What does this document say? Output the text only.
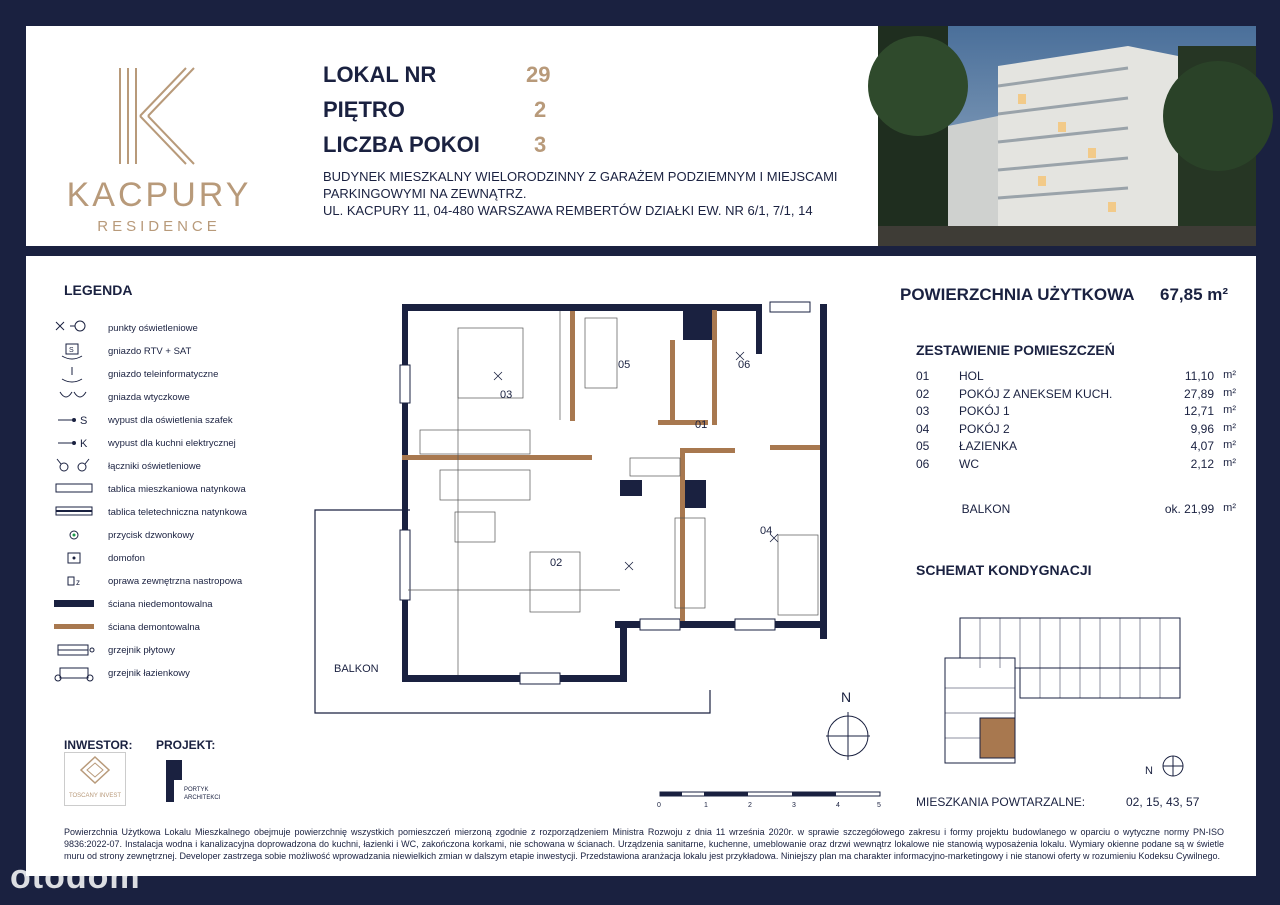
KACPURY
RESIDENCE
LOKAL NR	29
PIĘTRO	2
LICZBA POKOI 3
BUDYNEK MIESZKALNY WIELORODZINNY Z GARAŻEM PODZIEMNYM I MIEJSCAMI
PARKINGOWYMI NA ZEWNĄTRZ.
UL. KACPURY 11, 04-480 WARSZAWA REMBERTÓW DZIAŁKI EW. NR 6/1, 7/1, 14
LEGENDA
punkty oświetleniowe
S	gniazdo RTV + SAT
gniazdo teleinformatyczne
gniazda wtyczkowe
S wypust dla oświetlenia szafek
K wypust dla kuchni elektrycznej
łączniki oświetleniowe
tablica mieszkaniowa natynkowa
tablica teletechniczna natynkowa
przycisk dzwonkowy
domofon
z	oprawa zewnętrzna nastropowa
ściana niedemontowalna
ściana demontowalna
grzejnik płytowy
grzejnik łazienkowy
03
05	06
01
02
04
BALKON
N
0	1	2	3	4	5
POWIERZCHNIA UŻYTKOWA 67,85 m²
ZESTAWIENIE POMIESZCZEŃ
01	HOL	11,10 m²
02	POKÓJ Z ANEKSEM KUCH.	27,89 m²
03	POKÓJ 1	12,71 m²
04	POKÓJ 2	9,96 m²
05	ŁAZIENKA	4,07 m²
06	WC	2,12 m²
BALKON	ok. 21,99 m²
SCHEMAT KONDYGNACJI
N
MIESZKANIA POWTARZALNE:	02, 15, 43, 57
INWESTOR: PROJEKT:
TOSCANY INVEST
PORTYK ARCHITEKCI
Powierzchnia Użytkowa Lokalu Mieszkalnego obejmuje powierzchnię wszystkich pomieszczeń mierzoną zgodnie z rozporządzeniem Ministra Rozwoju z dnia 11 września 2020r. w sprawie szczegółowego zakresu i formy projektu budowlanego w oparciu o wytyczne normy PN-ISO 9836:2022-07. Instalacja wodna i kanalizacyjna doprowadzona do kuchni, łazienki i WC, zakończona korkami, nie schowana w ścianach. Urządzenia sanitarne, kuchenne, umeblowanie oraz drzwi wewnątrz lokalowe nie stanowią wyposażenia lokalu. Wymiary okienne podane są w świetle muru od strony zewnętrznej. Developer zastrzega sobie możliwość wprowadzania niewielkich zmian w dalszym etapie inwestycji. Przedstawiona aranżacja lokalu jest przykładowa. Niniejszy plan ma charakter informacyjno-marketingowy i nie stanowi oferty w rozumieniu Kodeksu Cywilnego.
otodom
